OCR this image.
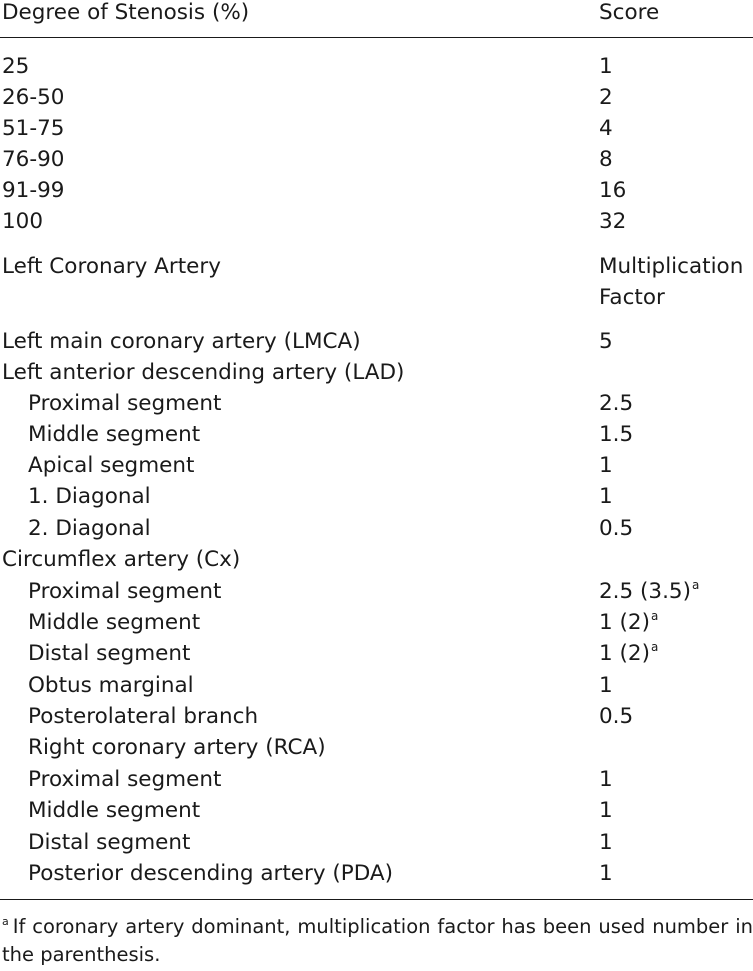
Degree of Stenosis (%)	Score
25	1
26-50	2
51-75	4
76-90	8
91-99	16
100	32
Left Coronary Artery	Multiplication
Factor
Left main coronary artery (LMCA)	5
Left anterior descending artery (LAD)
Proximal segment	2.5
Middle segment	1.5
Apical segment	1
1. Diagonal	1
2. Diagonal	0.5
Circumflex artery (Cx)
Proximal segment	2.5 (3.5)$^a$
Middle segment	1 (2)$^a$
Distal segment	1 (2)$^a$
Obtus marginal	1
Posterolateral branch	0.5
Right coronary artery (RCA)
Proximal segment	1
Middle segment	1
Distal segment	1
Posterior descending artery (PDA)	1
$^a$ If coronary artery dominant, multiplication factor has been used number in the parenthesis.
